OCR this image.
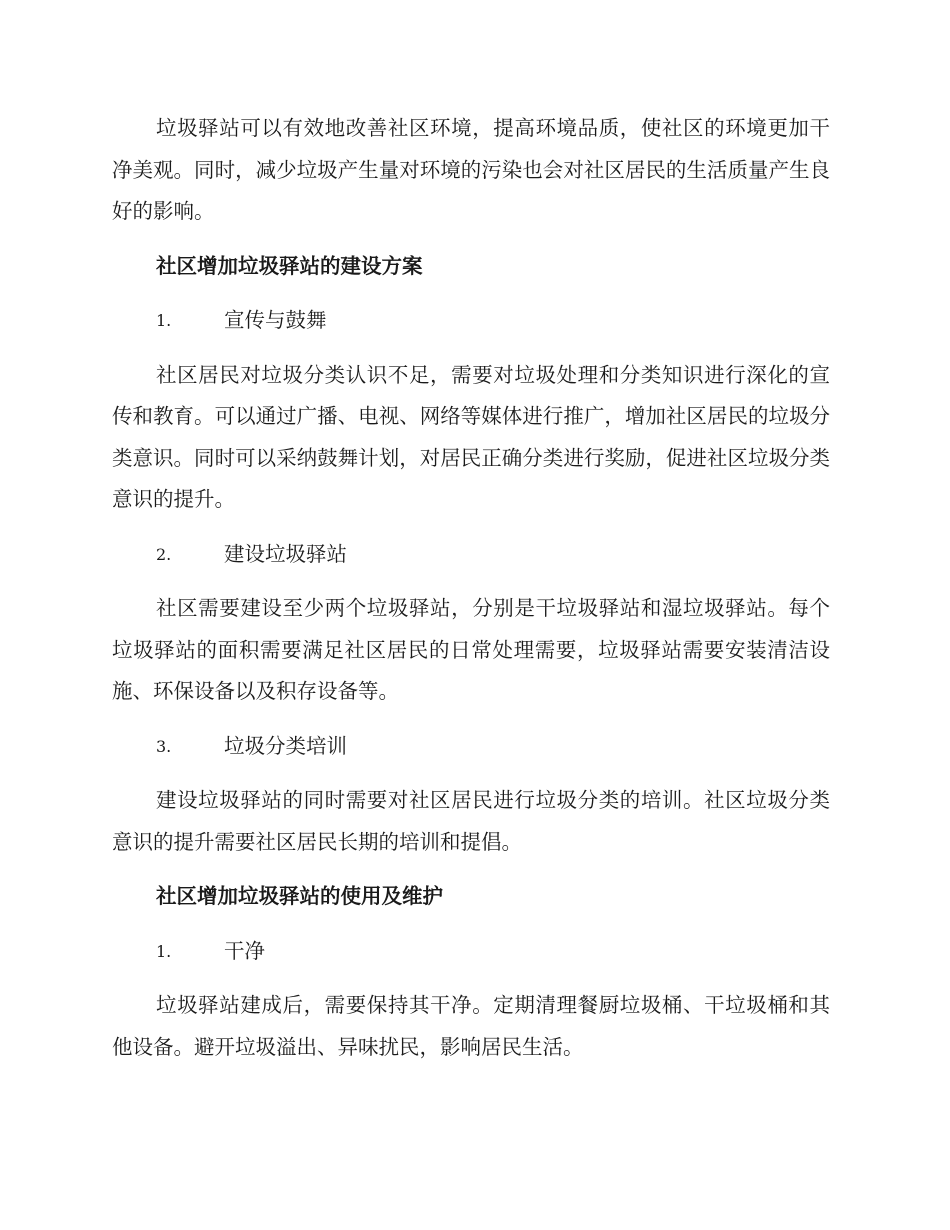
垃圾驿站可以有效地改善社区环境，提高环境品质，使社区的环境更加干净美观。同时，减少垃圾产生量对环境的污染也会对社区居民的生活质量产生良好的影响。

社区增加垃圾驿站的建设方案

1.	宣传与鼓舞

社区居民对垃圾分类认识不足，需要对垃圾处理和分类知识进行深化的宣传和教育。可以通过广播、电视、网络等媒体进行推广，增加社区居民的垃圾分类意识。同时可以采纳鼓舞计划，对居民正确分类进行奖励，促进社区垃圾分类意识的提升。

2.	建设垃圾驿站

社区需要建设至少两个垃圾驿站，分别是干垃圾驿站和湿垃圾驿站。每个垃圾驿站的面积需要满足社区居民的日常处理需要，垃圾驿站需要安装清洁设施、环保设备以及积存设备等。

3.	垃圾分类培训

建设垃圾驿站的同时需要对社区居民进行垃圾分类的培训。社区垃圾分类意识的提升需要社区居民长期的培训和提倡。

社区增加垃圾驿站的使用及维护

1.	干净

垃圾驿站建成后，需要保持其干净。定期清理餐厨垃圾桶、干垃圾桶和其他设备。避开垃圾溢出、异味扰民，影响居民生活。
